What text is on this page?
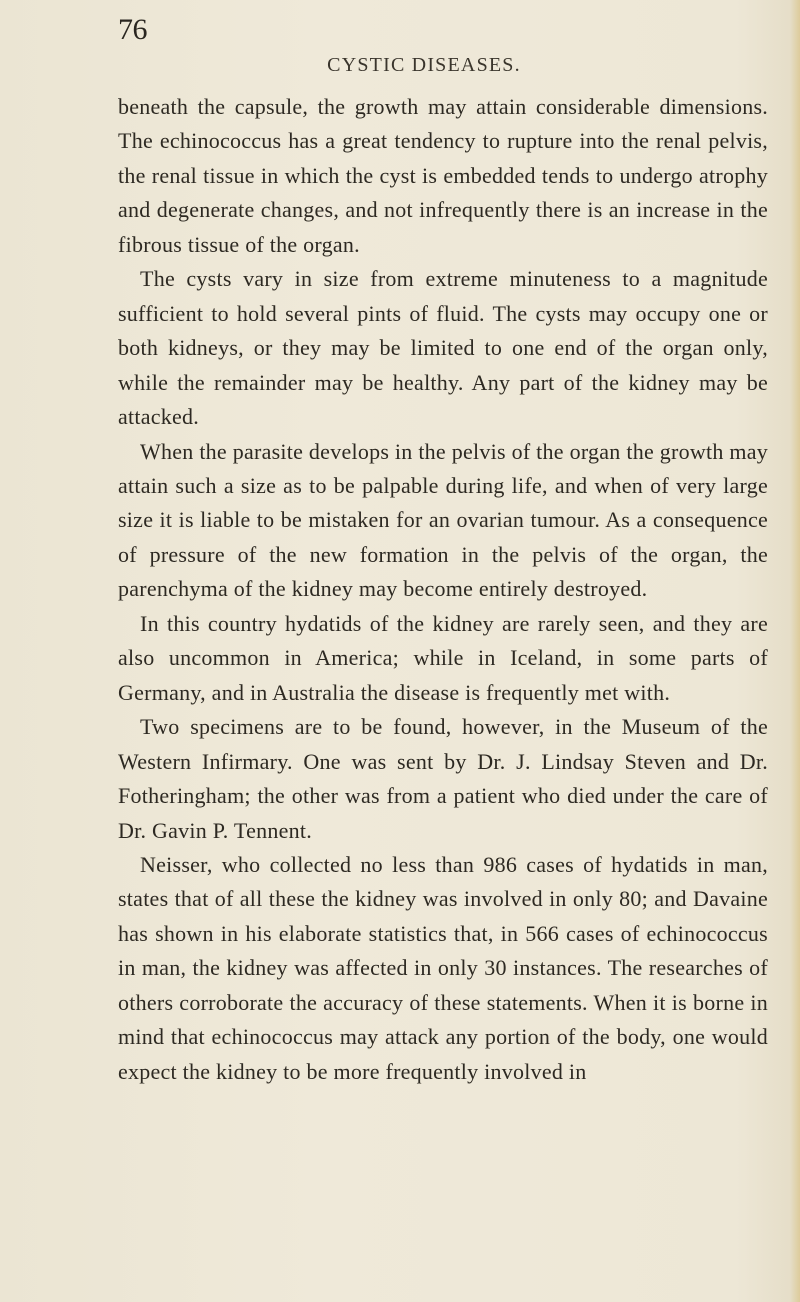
76
CYSTIC DISEASES.

beneath the capsule, the growth may attain considerable dimensions. The echinococcus has a great tendency to rupture into the renal pelvis, the renal tissue in which the cyst is embedded tends to undergo atrophy and degenerate changes, and not infrequently there is an increase in the fibrous tissue of the organ.

The cysts vary in size from extreme minuteness to a magnitude sufficient to hold several pints of fluid. The cysts may occupy one or both kidneys, or they may be limited to one end of the organ only, while the remainder may be healthy. Any part of the kidney may be attacked.

When the parasite develops in the pelvis of the organ the growth may attain such a size as to be palpable during life, and when of very large size it is liable to be mistaken for an ovarian tumour. As a consequence of pressure of the new formation in the pelvis of the organ, the parenchyma of the kidney may become entirely destroyed.

In this country hydatids of the kidney are rarely seen, and they are also uncommon in America; while in Iceland, in some parts of Germany, and in Australia the disease is frequently met with.

Two specimens are to be found, however, in the Museum of the Western Infirmary. One was sent by Dr. J. Lindsay Steven and Dr. Fotheringham; the other was from a patient who died under the care of Dr. Gavin P. Tennent.

Neisser, who collected no less than 986 cases of hydatids in man, states that of all these the kidney was involved in only 80; and Davaine has shown in his elaborate statistics that, in 566 cases of echinococcus in man, the kidney was affected in only 30 instances. The researches of others corroborate the accuracy of these statements. When it is borne in mind that echinococcus may attack any portion of the body, one would expect the kidney to be more frequently involved in
